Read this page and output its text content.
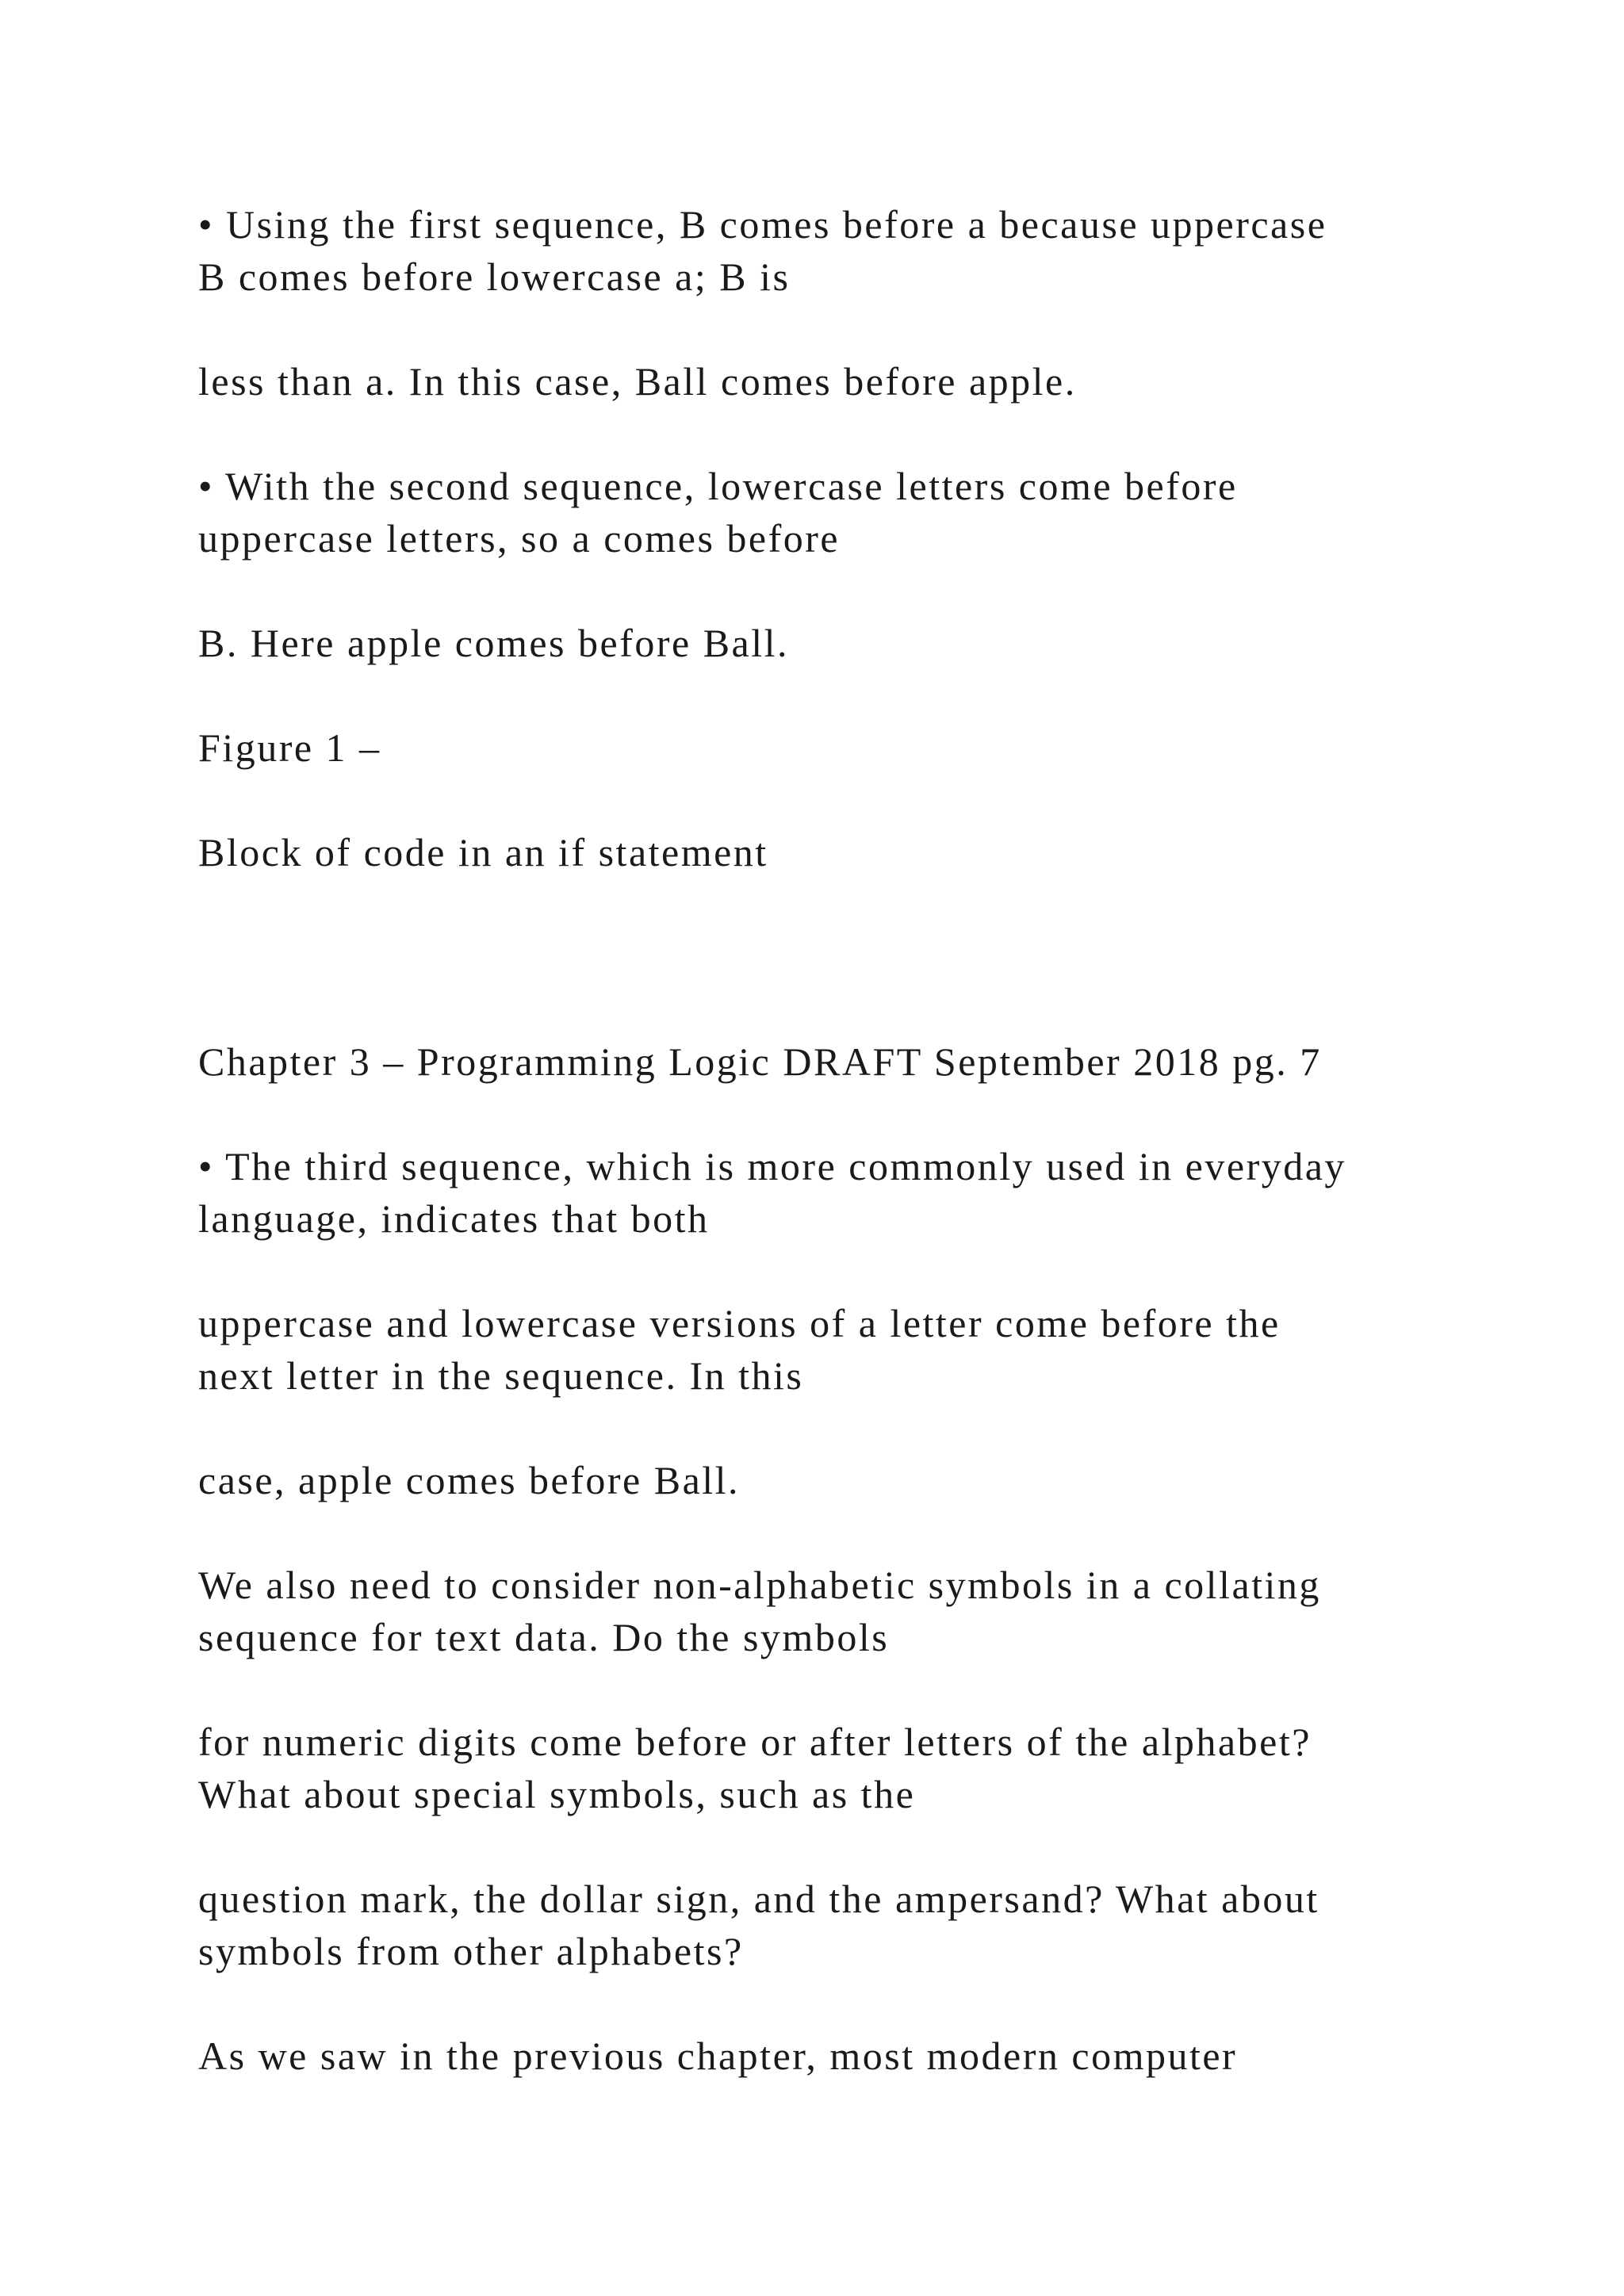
• Using the first sequence, B comes before a because uppercase
B comes before lowercase a; B is

less than a. In this case, Ball comes before apple.

• With the second sequence, lowercase letters come before
uppercase letters, so a comes before

B. Here apple comes before Ball.

Figure 1 –

Block of code in an if statement

Chapter 3 – Programming Logic DRAFT September 2018 pg. 7

• The third sequence, which is more commonly used in everyday
language, indicates that both

uppercase and lowercase versions of a letter come before the
next letter in the sequence. In this

case, apple comes before Ball.

We also need to consider non-alphabetic symbols in a collating
sequence for text data. Do the symbols

for numeric digits come before or after letters of the alphabet?
What about special symbols, such as the

question mark, the dollar sign, and the ampersand? What about
symbols from other alphabets?

As we saw in the previous chapter, most modern computer
